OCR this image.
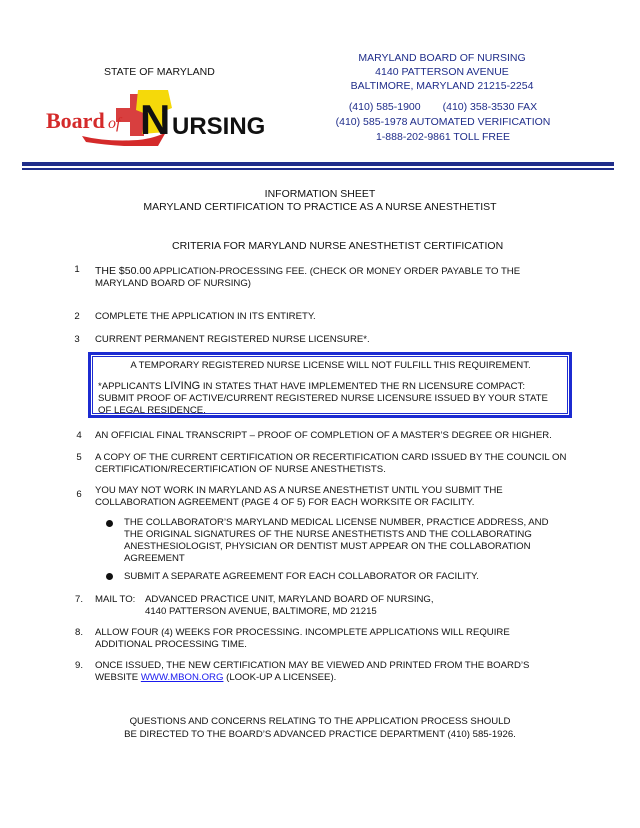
STATE OF MARYLAND
MARYLAND BOARD OF NURSING
4140 PATTERSON AVENUE
BALTIMORE, MARYLAND 21215-2254
(410) 585-1900 (410) 358-3530 FAX
(410) 585-1978 AUTOMATED VERIFICATION
1-888-202-9861 TOLL FREE
Board of N URSING
INFORMATION SHEET
MARYLAND CERTIFICATION TO PRACTICE AS A NURSE ANESTHETIST
CRITERIA FOR MARYLAND NURSE ANESTHETIST CERTIFICATION
1	THE $50.00 APPLICATION-PROCESSING FEE. (CHECK OR MONEY ORDER PAYABLE TO THE MARYLAND BOARD OF NURSING)
2	COMPLETE THE APPLICATION IN ITS ENTIRETY.
3	CURRENT PERMANENT REGISTERED NURSE LICENSURE*.
A TEMPORARY REGISTERED NURSE LICENSE WILL NOT FULFILL THIS REQUIREMENT.
*APPLICANTS LIVING IN STATES THAT HAVE IMPLEMENTED THE RN LICENSURE COMPACT: SUBMIT PROOF OF ACTIVE/CURRENT REGISTERED NURSE LICENSURE ISSUED BY YOUR STATE OF LEGAL RESIDENCE.
4	AN OFFICIAL FINAL TRANSCRIPT – PROOF OF COMPLETION OF A MASTER’S DEGREE OR HIGHER.
5	A COPY OF THE CURRENT CERTIFICATION OR RECERTIFICATION CARD ISSUED BY THE COUNCIL ON CERTIFICATION/RECERTIFICATION OF NURSE ANESTHETISTS.
6	YOU MAY NOT WORK IN MARYLAND AS A NURSE ANESTHETIST UNTIL YOU SUBMIT THE COLLABORATION AGREEMENT (PAGE 4 OF 5) FOR EACH WORKSITE OR FACILITY.
THE COLLABORATOR’S MARYLAND MEDICAL LICENSE NUMBER, PRACTICE ADDRESS, AND THE ORIGINAL SIGNATURES OF THE NURSE ANESTHETISTS AND THE COLLABORATING ANESTHESIOLOGIST, PHYSICIAN OR DENTIST MUST APPEAR ON THE COLLABORATION AGREEMENT
SUBMIT A SEPARATE AGREEMENT FOR EACH COLLABORATOR OR FACILITY.
7.	MAIL TO:	ADVANCED PRACTICE UNIT, MARYLAND BOARD OF NURSING,
4140 PATTERSON AVENUE, BALTIMORE, MD 21215
8.	ALLOW FOUR (4) WEEKS FOR PROCESSING. INCOMPLETE APPLICATIONS WILL REQUIRE ADDITIONAL PROCESSING TIME.
9.	ONCE ISSUED, THE NEW CERTIFICATION MAY BE VIEWED AND PRINTED FROM THE BOARD’S WEBSITE WWW.MBON.ORG (LOOK-UP A LICENSEE).
QUESTIONS AND CONCERNS RELATING TO THE APPLICATION PROCESS SHOULD
BE DIRECTED TO THE BOARD’S ADVANCED PRACTICE DEPARTMENT (410) 585-1926.
